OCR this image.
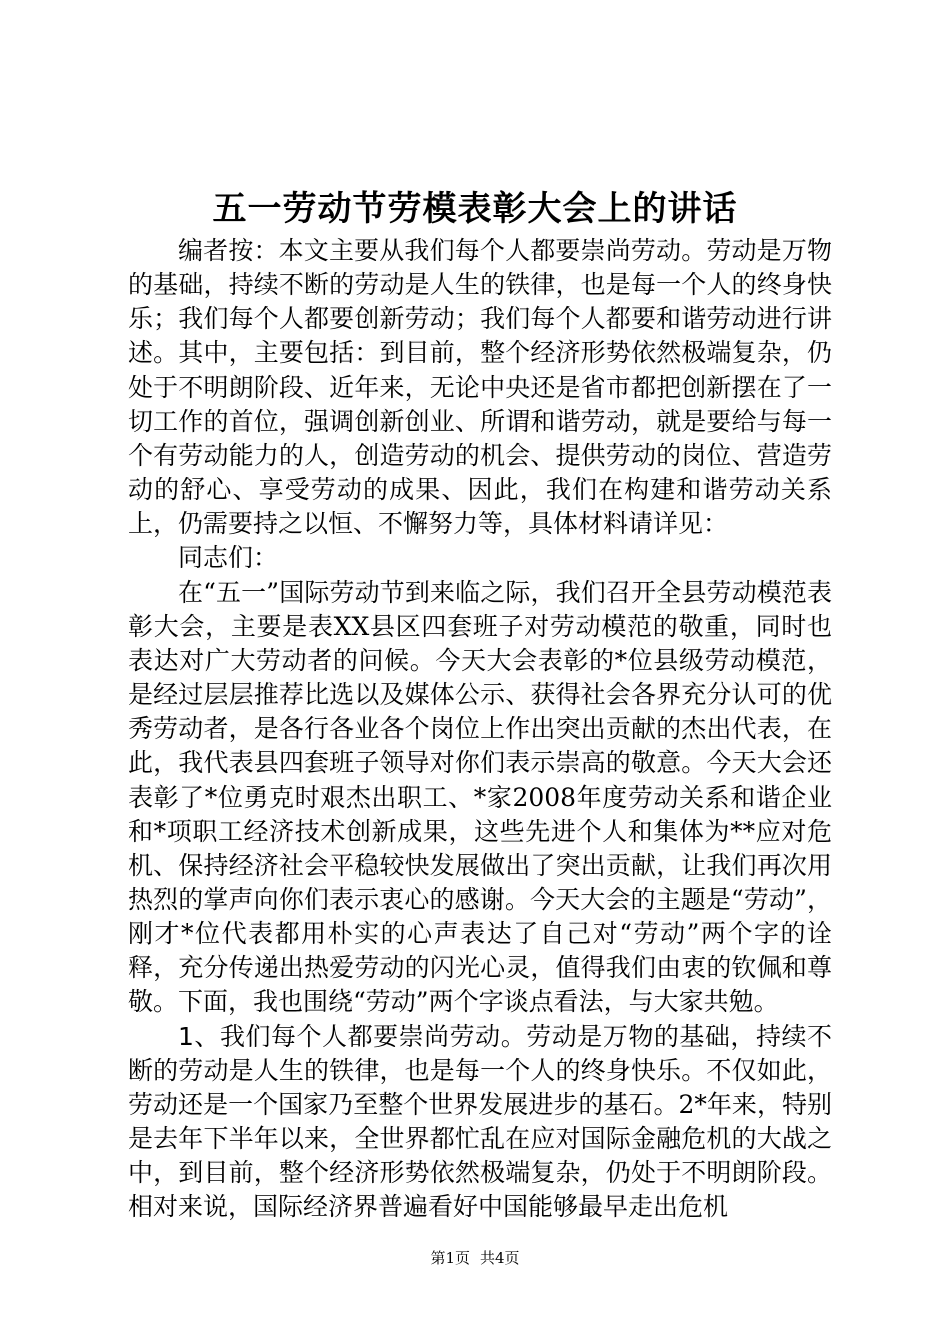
五一劳动节劳模表彰大会上的讲话

编者按：本文主要从我们每个人都要崇尚劳动。劳动是万物的基础，持续不断的劳动是人生的铁律，也是每一个人的终身快乐；我们每个人都要创新劳动；我们每个人都要和谐劳动进行讲述。其中，主要包括：到目前，整个经济形势依然极端复杂，仍处于不明朗阶段、近年来，无论中央还是省市都把创新摆在了一切工作的首位，强调创新创业、所谓和谐劳动，就是要给与每一个有劳动能力的人，创造劳动的机会、提供劳动的岗位、营造劳动的舒心、享受劳动的成果、因此，我们在构建和谐劳动关系上，仍需要持之以恒、不懈努力等，具体材料请详见：

同志们：

在“五一”国际劳动节到来临之际，我们召开全县劳动模范表彰大会，主要是表XX县区四套班子对劳动模范的敬重，同时也表达对广大劳动者的问候。今天大会表彰的*位县级劳动模范，是经过层层推荐比选以及媒体公示、获得社会各界充分认可的优秀劳动者，是各行各业各个岗位上作出突出贡献的杰出代表，在此，我代表县四套班子领导对你们表示崇高的敬意。今天大会还表彰了*位勇克时艰杰出职工、*家2008年度劳动关系和谐企业和*项职工经济技术创新成果，这些先进个人和集体为**应对危机、保持经济社会平稳较快发展做出了突出贡献，让我们再次用热烈的掌声向你们表示衷心的感谢。今天大会的主题是“劳动”，刚才*位代表都用朴实的心声表达了自己对“劳动”两个字的诠释，充分传递出热爱劳动的闪光心灵，值得我们由衷的钦佩和尊敬。下面，我也围绕“劳动”两个字谈点看法，与大家共勉。

1、我们每个人都要崇尚劳动。劳动是万物的基础，持续不断的劳动是人生的铁律，也是每一个人的终身快乐。不仅如此，劳动还是一个国家乃至整个世界发展进步的基石。2*年来，特别是去年下半年以来，全世界都忙乱在应对国际金融危机的大战之中，到目前，整个经济形势依然极端复杂，仍处于不明朗阶段。相对来说，国际经济界普遍看好中国能够最早走出危机

第1页 共4页
